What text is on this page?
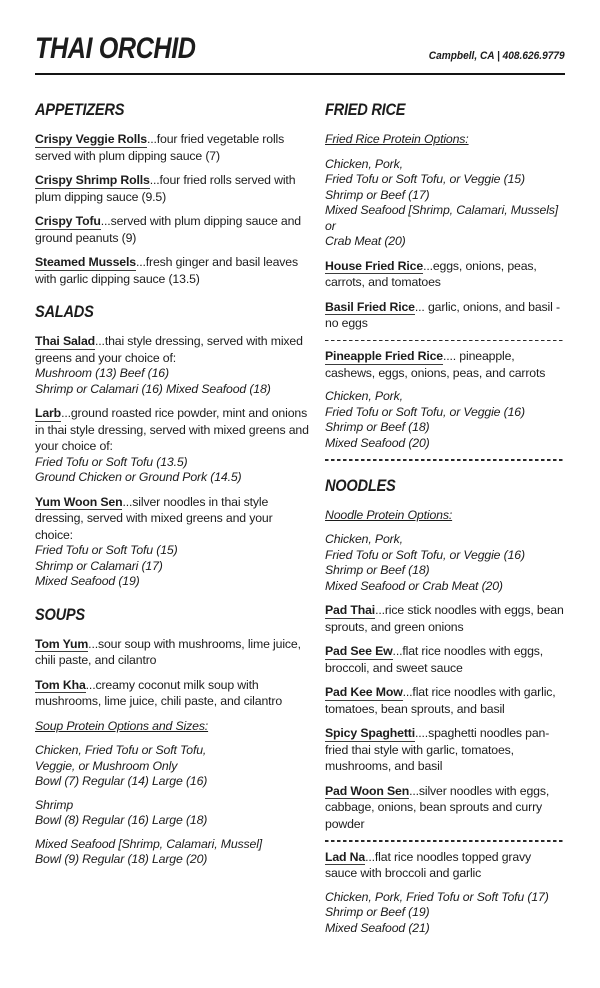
THAI ORCHID	Campbell, CA | 408.626.9779
APPETIZERS

Crispy Veggie Rolls...four fried vegetable rolls served with plum dipping sauce (7)

Crispy Shrimp Rolls...four fried rolls served with plum dipping sauce (9.5)

Crispy Tofu...served with plum dipping sauce and ground peanuts (9)

Steamed Mussels...fresh ginger and basil leaves with garlic dipping sauce (13.5)

SALADS

Thai Salad...thai style dressing, served with mixed greens and your choice of:

Mushroom (13) Beef (16)
Shrimp or Calamari (16) Mixed Seafood (18)

Larb...ground roasted rice powder, mint and onions in thai style dressing, served with mixed greens and your choice of:

Fried Tofu or Soft Tofu (13.5)
Ground Chicken or Ground Pork (14.5)

Yum Woon Sen...silver noodles in thai style dressing, served with mixed greens and your choice:

Fried Tofu or Soft Tofu (15)
Shrimp or Calamari (17)
Mixed Seafood (19)
SOUPS

Tom Yum...sour soup with mushrooms, lime juice, chili paste, and cilantro

Tom Kha...creamy coconut milk soup with mushrooms, lime juice, chili paste, and cilantro

Soup Protein Options and Sizes:

Chicken, Fried Tofu or Soft Tofu,
Veggie, or Mushroom Only
Bowl (7) Regular (14) Large (16)
Shrimp
Bowl (8) Regular (16) Large (18)
Mixed Seafood [Shrimp, Calamari, Mussel]
Bowl (9) Regular (18) Large (20)
FRIED RICE

Fried Rice Protein Options:

Chicken, Pork,
Fried Tofu or Soft Tofu, or Veggie (15)
Shrimp or Beef (17)
Mixed Seafood [Shrimp, Calamari, Mussels] or
Crab Meat (20)

House Fried Rice...eggs, onions, peas, carrots, and tomatoes

Basil Fried Rice... garlic, onions, and basil - no eggs

Pineapple Fried Rice.... pineapple, cashews, eggs, onions, peas, and carrots

Chicken, Pork,
Fried Tofu or Soft Tofu, or Veggie (16)
Shrimp or Beef (18)
Mixed Seafood (20)
NOODLES

Noodle Protein Options:

Chicken, Pork,
Fried Tofu or Soft Tofu, or Veggie (16)
Shrimp or Beef (18)
Mixed Seafood or Crab Meat (20)

Pad Thai...rice stick noodles with eggs, bean sprouts, and green onions

Pad See Ew...flat rice noodles with eggs, broccoli, and sweet sauce

Pad Kee Mow...flat rice noodles with garlic, tomatoes, bean sprouts, and basil

Spicy Spaghetti....spaghetti noodles pan-fried thai style with garlic, tomatoes, mushrooms, and basil

Pad Woon Sen...silver noodles with eggs, cabbage, onions, bean sprouts and curry powder

Lad Na...flat rice noodles topped gravy sauce with broccoli and garlic

Chicken, Pork, Fried Tofu or Soft Tofu (17)
Shrimp or Beef (19)
Mixed Seafood (21)
